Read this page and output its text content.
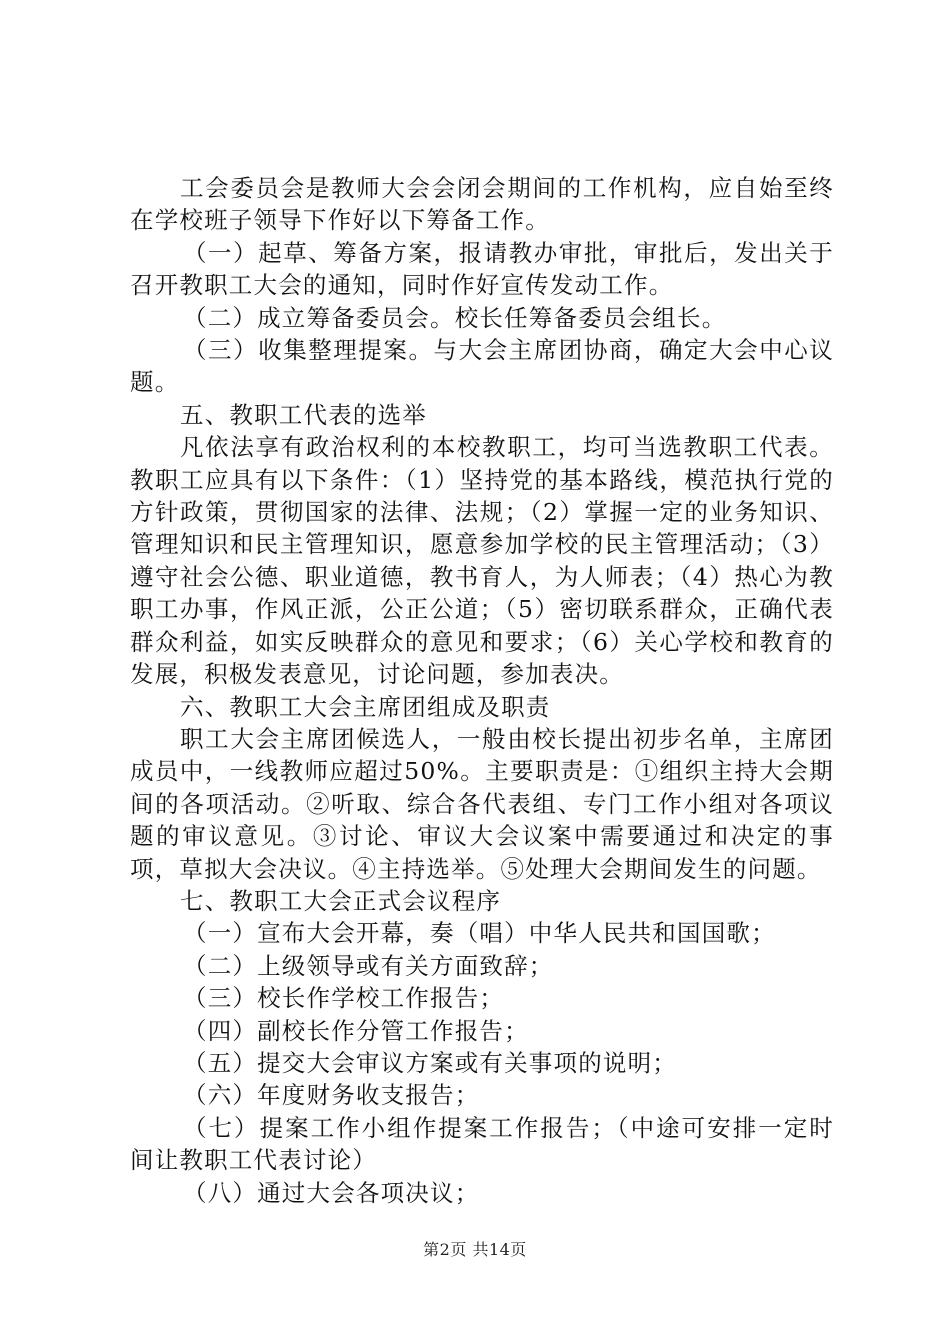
工会委员会是教师大会会闭会期间的工作机构，应自始至终在学校班子领导下作好以下筹备工作。

（一）起草、筹备方案，报请教办审批，审批后，发出关于召开教职工大会的通知，同时作好宣传发动工作。

（二）成立筹备委员会。校长任筹备委员会组长。

（三）收集整理提案。与大会主席团协商，确定大会中心议题。

五、教职工代表的选举

凡依法享有政治权利的本校教职工，均可当选教职工代表。教职工应具有以下条件：（1）坚持党的基本路线，模范执行党的方针政策，贯彻国家的法律、法规；（2）掌握一定的业务知识、管理知识和民主管理知识，愿意参加学校的民主管理活动；（3）遵守社会公德、职业道德，教书育人，为人师表；（4）热心为教职工办事，作风正派，公正公道；（5）密切联系群众，正确代表群众利益，如实反映群众的意见和要求；（6）关心学校和教育的发展，积极发表意见，讨论问题，参加表决。

六、教职工大会主席团组成及职责

职工大会主席团候选人，一般由校长提出初步名单，主席团成员中，一线教师应超过50%。主要职责是：①组织主持大会期间的各项活动。②听取、综合各代表组、专门工作小组对各项议题的审议意见。③讨论、审议大会议案中需要通过和决定的事项，草拟大会决议。④主持选举。⑤处理大会期间发生的问题。

七、教职工大会正式会议程序

（一）宣布大会开幕，奏（唱）中华人民共和国国歌；

（二）上级领导或有关方面致辞；

（三）校长作学校工作报告；

（四）副校长作分管工作报告；

（五）提交大会审议方案或有关事项的说明；

（六）年度财务收支报告；

（七）提案工作小组作提案工作报告；（中途可安排一定时间让教职工代表讨论）

（八）通过大会各项决议；

第2页 共14页
